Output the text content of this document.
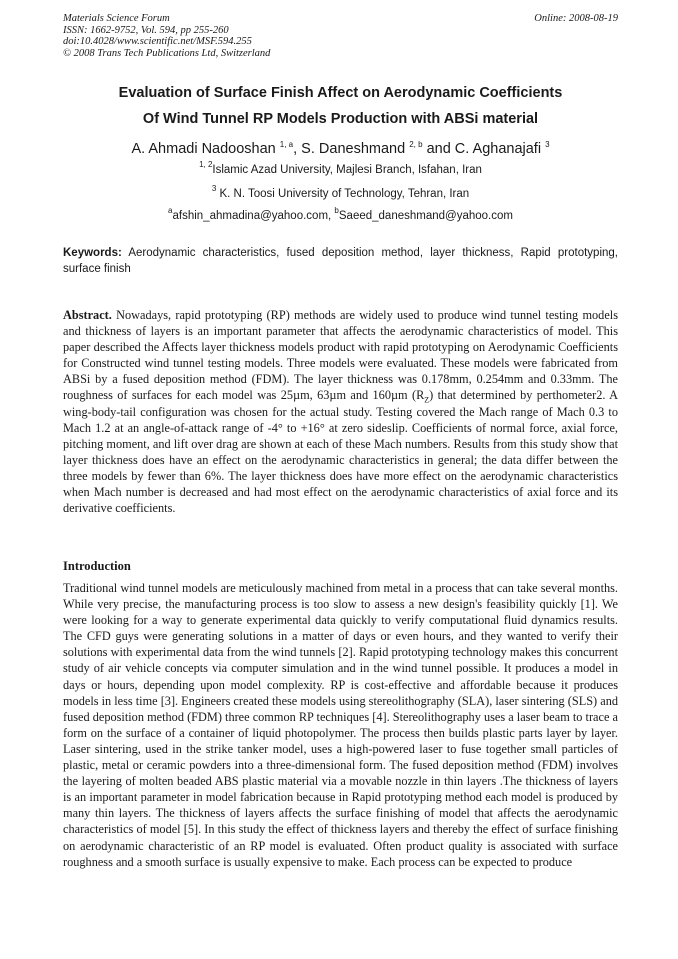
Materials Science Forum
ISSN: 1662-9752, Vol. 594, pp 255-260
doi:10.4028/www.scientific.net/MSF.594.255
© 2008 Trans Tech Publications Ltd, Switzerland
Online: 2008-08-19
Evaluation of Surface Finish Affect on Aerodynamic Coefficients
Of Wind Tunnel RP Models Production with ABSi material
A. Ahmadi Nadooshan $^{1, a}$, S. Daneshmand $^{2, b}$ and C. Aghanajafi $^3$
$^{1, 2}$Islamic Azad University, Majlesi Branch, Isfahan, Iran
$^3$ K. N. Toosi University of Technology, Tehran, Iran
$^a$afshin_ahmadina@yahoo.com, $^b$Saeed_daneshmand@yahoo.com
Keywords: Aerodynamic characteristics, fused deposition method, layer thickness, Rapid prototyping, surface finish
Abstract. Nowadays, rapid prototyping (RP) methods are widely used to produce wind tunnel testing models and thickness of layers is an important parameter that affects the aerodynamic characteristics of model. This paper described the Affects layer thickness models product with rapid prototyping on Aerodynamic Coefficients for Constructed wind tunnel testing models. Three models were evaluated. These models were fabricated from ABSi by a fused deposition method (FDM). The layer thickness was 0.178mm, 0.254mm and 0.33mm. The roughness of surfaces for each model was 25µm, 63µm and 160µm $(R_Z)$ that determined by perthometer2. A wing-body-tail configuration was chosen for the actual study. Testing covered the Mach range of Mach 0.3 to Mach 1.2 at an angle-of-attack range of -4° to +16° at zero sideslip. Coefficients of normal force, axial force, pitching moment, and lift over drag are shown at each of these Mach numbers. Results from this study show that layer thickness does have an effect on the aerodynamic characteristics in general; the data differ between the three models by fewer than 6%. The layer thickness does have more effect on the aerodynamic characteristics when Mach number is decreased and had most effect on the aerodynamic characteristics of axial force and its derivative coefficients.
Introduction
Traditional wind tunnel models are meticulously machined from metal in a process that can take several months. While very precise, the manufacturing process is too slow to assess a new design's feasibility quickly [1]. We were looking for a way to generate experimental data quickly to verify computational fluid dynamics results. The CFD guys were generating solutions in a matter of days or even hours, and they wanted to verify their solutions with experimental data from the wind tunnels [2]. Rapid prototyping technology makes this concurrent study of air vehicle concepts via computer simulation and in the wind tunnel possible. It produces a model in days or hours, depending upon model complexity. RP is cost-effective and affordable because it produces models in less time [3]. Engineers created these models using stereolithography (SLA), laser sintering (SLS) and fused deposition method (FDM) three common RP techniques [4]. Stereolithography uses a laser beam to trace a form on the surface of a container of liquid photopolymer. The process then builds plastic parts layer by layer. Laser sintering, used in the strike tanker model, uses a high-powered laser to fuse together small particles of plastic, metal or ceramic powders into a three-dimensional form. The fused deposition method (FDM) involves the layering of molten beaded ABS plastic material via a movable nozzle in thin layers .The thickness of layers is an important parameter in model fabrication because in Rapid prototyping method each model is produced by many thin layers. The thickness of layers affects the surface finishing of model that affects the aerodynamic characteristics of model [5]. In this study the effect of thickness layers and thereby the effect of surface finishing on aerodynamic characteristic of an RP model is evaluated. Often product quality is associated with surface roughness and a smooth surface is usually expensive to make. Each process can be expected to produce
